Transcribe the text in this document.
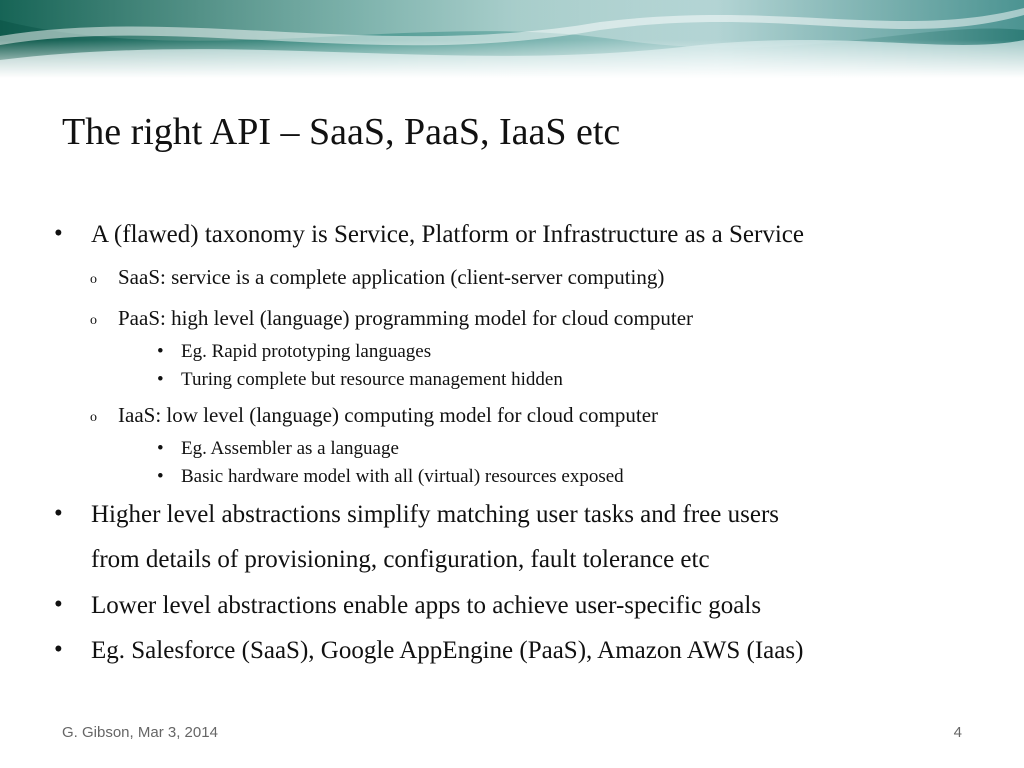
The right API – SaaS, PaaS, IaaS etc
• A (flawed) taxonomy is Service, Platform or Infrastructure as a Service
o SaaS: service is a complete application (client-server computing)
o PaaS: high level (language) programming model for cloud computer
• Eg. Rapid prototyping languages
• Turing complete but resource management hidden
o IaaS: low level (language) computing model for cloud computer
• Eg. Assembler as a language
• Basic hardware model with all (virtual) resources exposed
• Higher level abstractions simplify matching user tasks and free users
from details of provisioning, configuration, fault tolerance etc
• Lower level abstractions enable apps to achieve user-specific goals
• Eg. Salesforce (SaaS), Google AppEngine (PaaS), Amazon AWS (Iaas)
G. Gibson, Mar 3, 2014	4
